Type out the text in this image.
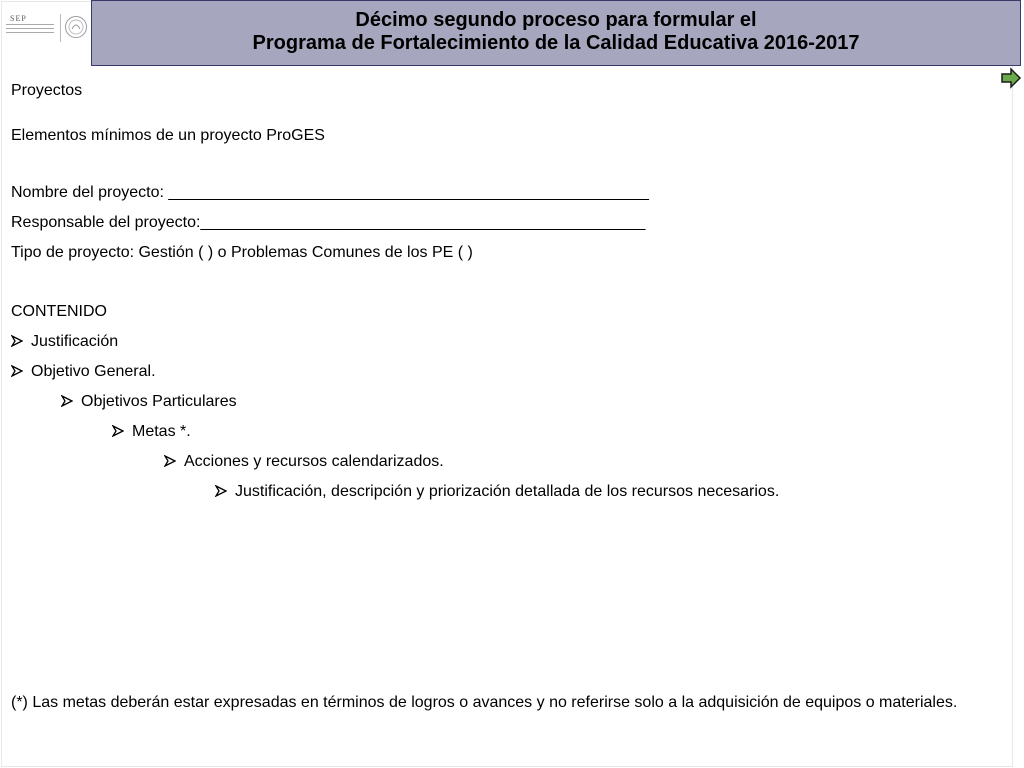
SEP	Décimo segundo proceso para formular el
Programa de Fortalecimiento de la Calidad Educativa 2016-2017
Proyectos
Elementos mínimos de un proyecto ProGES
Nombre del proyecto: ______________________________________________________
Responsable del proyecto:__________________________________________________
Tipo de proyecto: Gestión ( ) o Problemas Comunes de los PE ( )
CONTENIDO
Justificación
Objetivo General.
Objetivos Particulares
Metas *.
Acciones y recursos calendarizados.
Justificación, descripción y priorización detallada de los recursos necesarios.
(*) Las metas deberán estar expresadas en términos de logros o avances y no referirse solo a la adquisición de equipos o materiales.
